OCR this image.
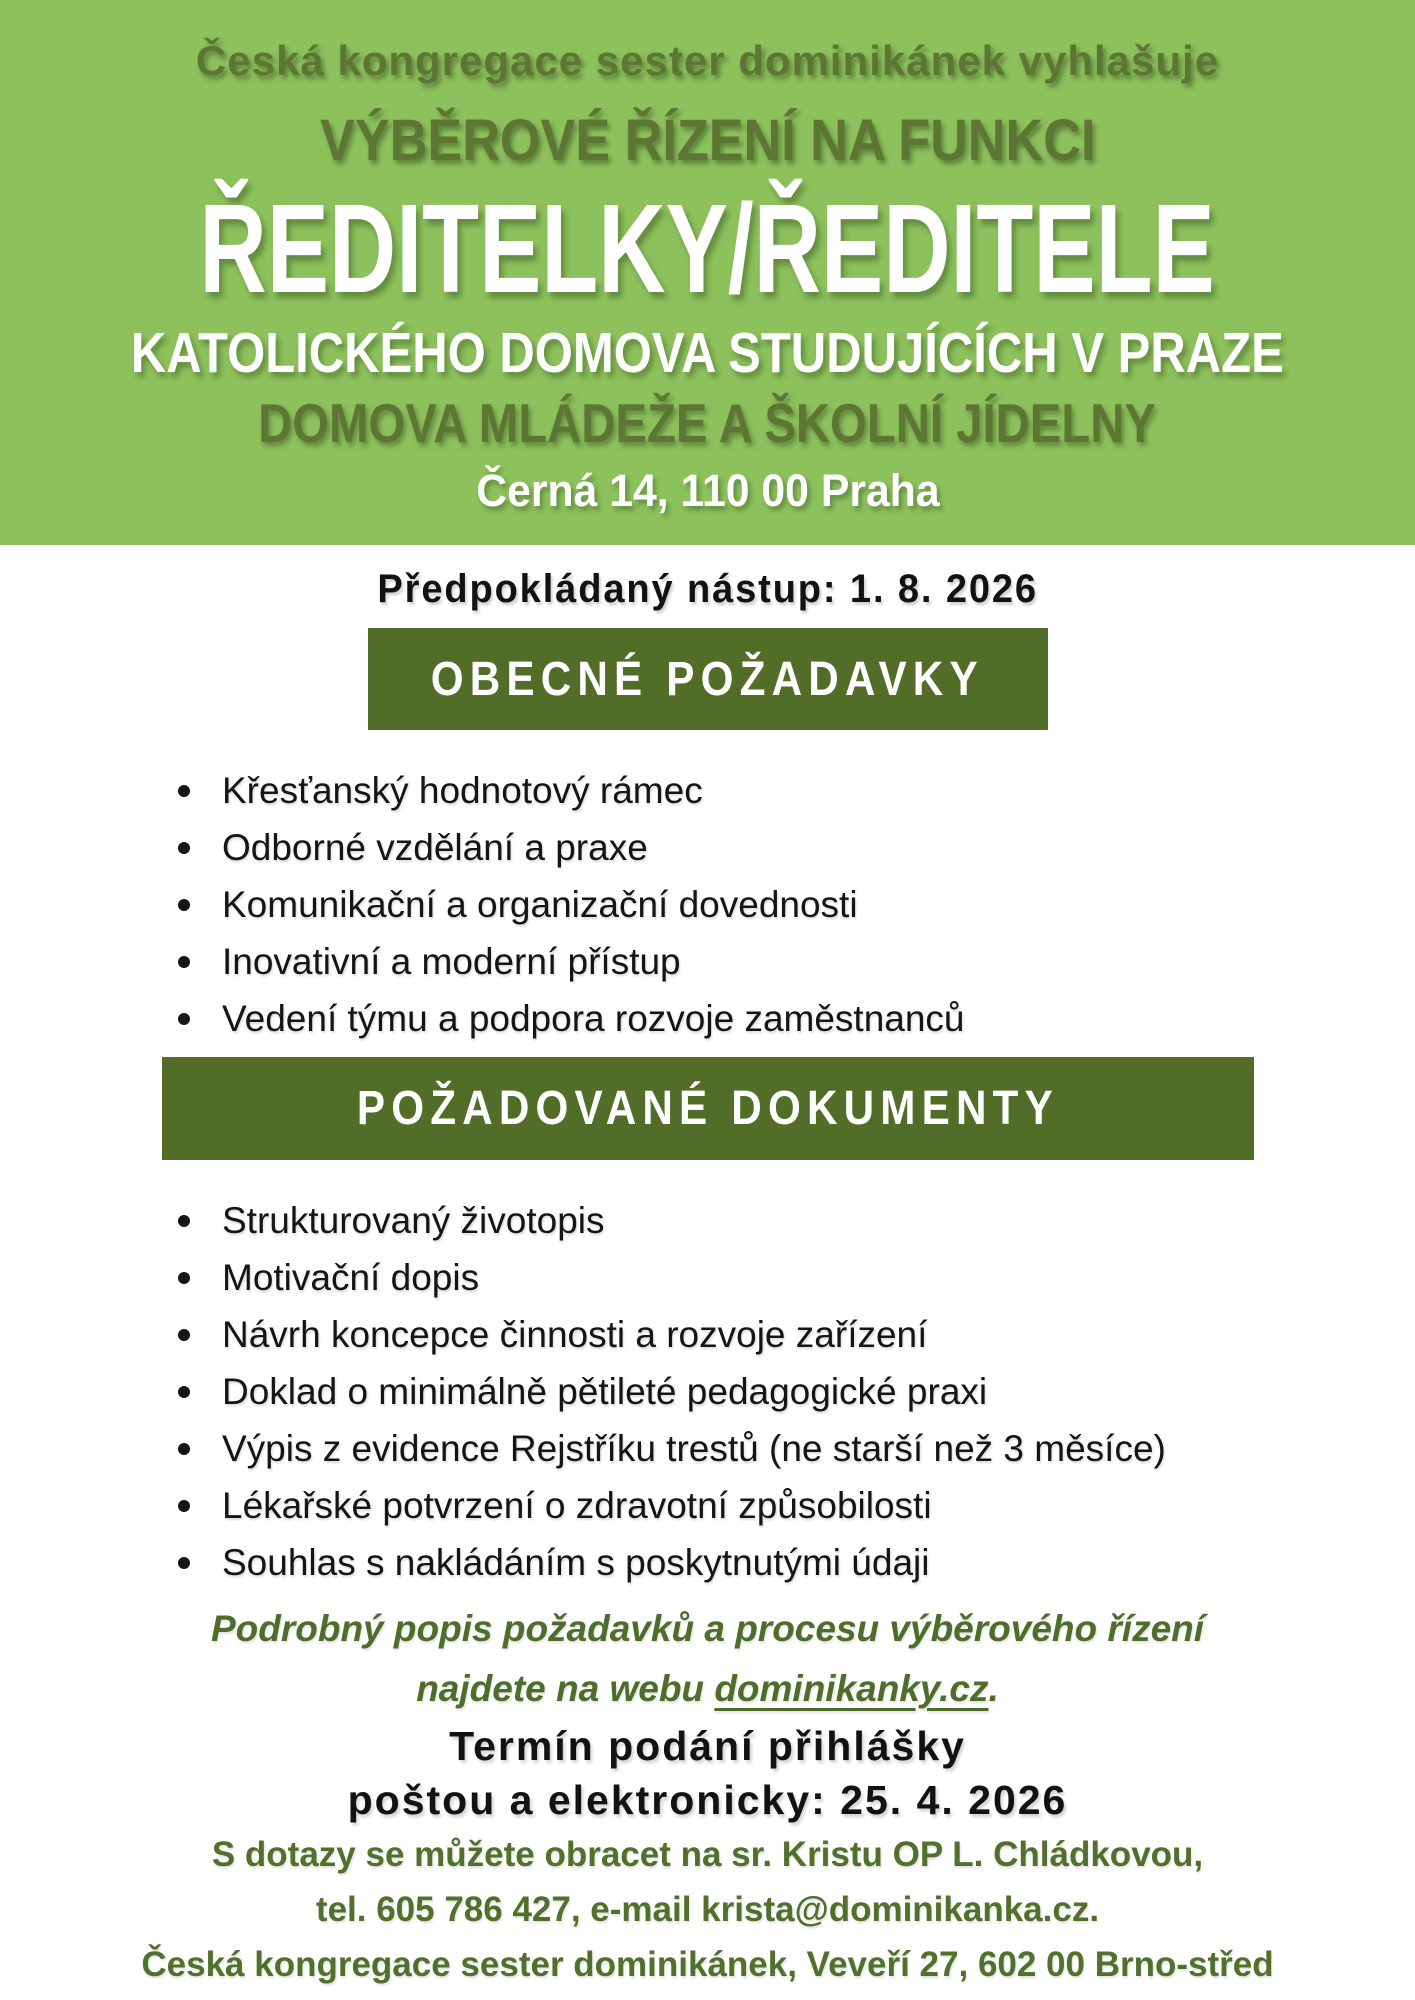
Česká kongregace sester dominikánek vyhlašuje
VÝBĚROVÉ ŘÍZENÍ NA FUNKCI
ŘEDITELKY/ŘEDITELE
KATOLICKÉHO DOMOVA STUDUJÍCÍCH V PRAZE
DOMOVA MLÁDEŽE A ŠKOLNÍ JÍDELNY
Černá 14, 110 00 Praha
Předpokládaný nástup: 1. 8. 2026
OBECNÉ POŽADAVKY
Křesťanský hodnotový rámec
Odborné vzdělání a praxe
Komunikační a organizační dovednosti
Inovativní a moderní přístup
Vedení týmu a podpora rozvoje zaměstnanců
POŽADOVANÉ DOKUMENTY
Strukturovaný životopis
Motivační dopis
Návrh koncepce činnosti a rozvoje zařízení
Doklad o minimálně pětileté pedagogické praxi
Výpis z evidence Rejstříku trestů (ne starší než 3 měsíce)
Lékařské potvrzení o zdravotní způsobilosti
Souhlas s nakládáním s poskytnutými údaji
Podrobný popis požadavků a procesu výběrového řízení
najdete na webu dominikanky.cz.
Termín podání přihlášky
poštou a elektronicky: 25. 4. 2026
S dotazy se můžete obracet na sr. Kristu OP L. Chládkovou,
tel. 605 786 427, e-mail krista@dominikanka.cz.
Česká kongregace sester dominikánek, Veveří 27, 602 00 Brno-střed
